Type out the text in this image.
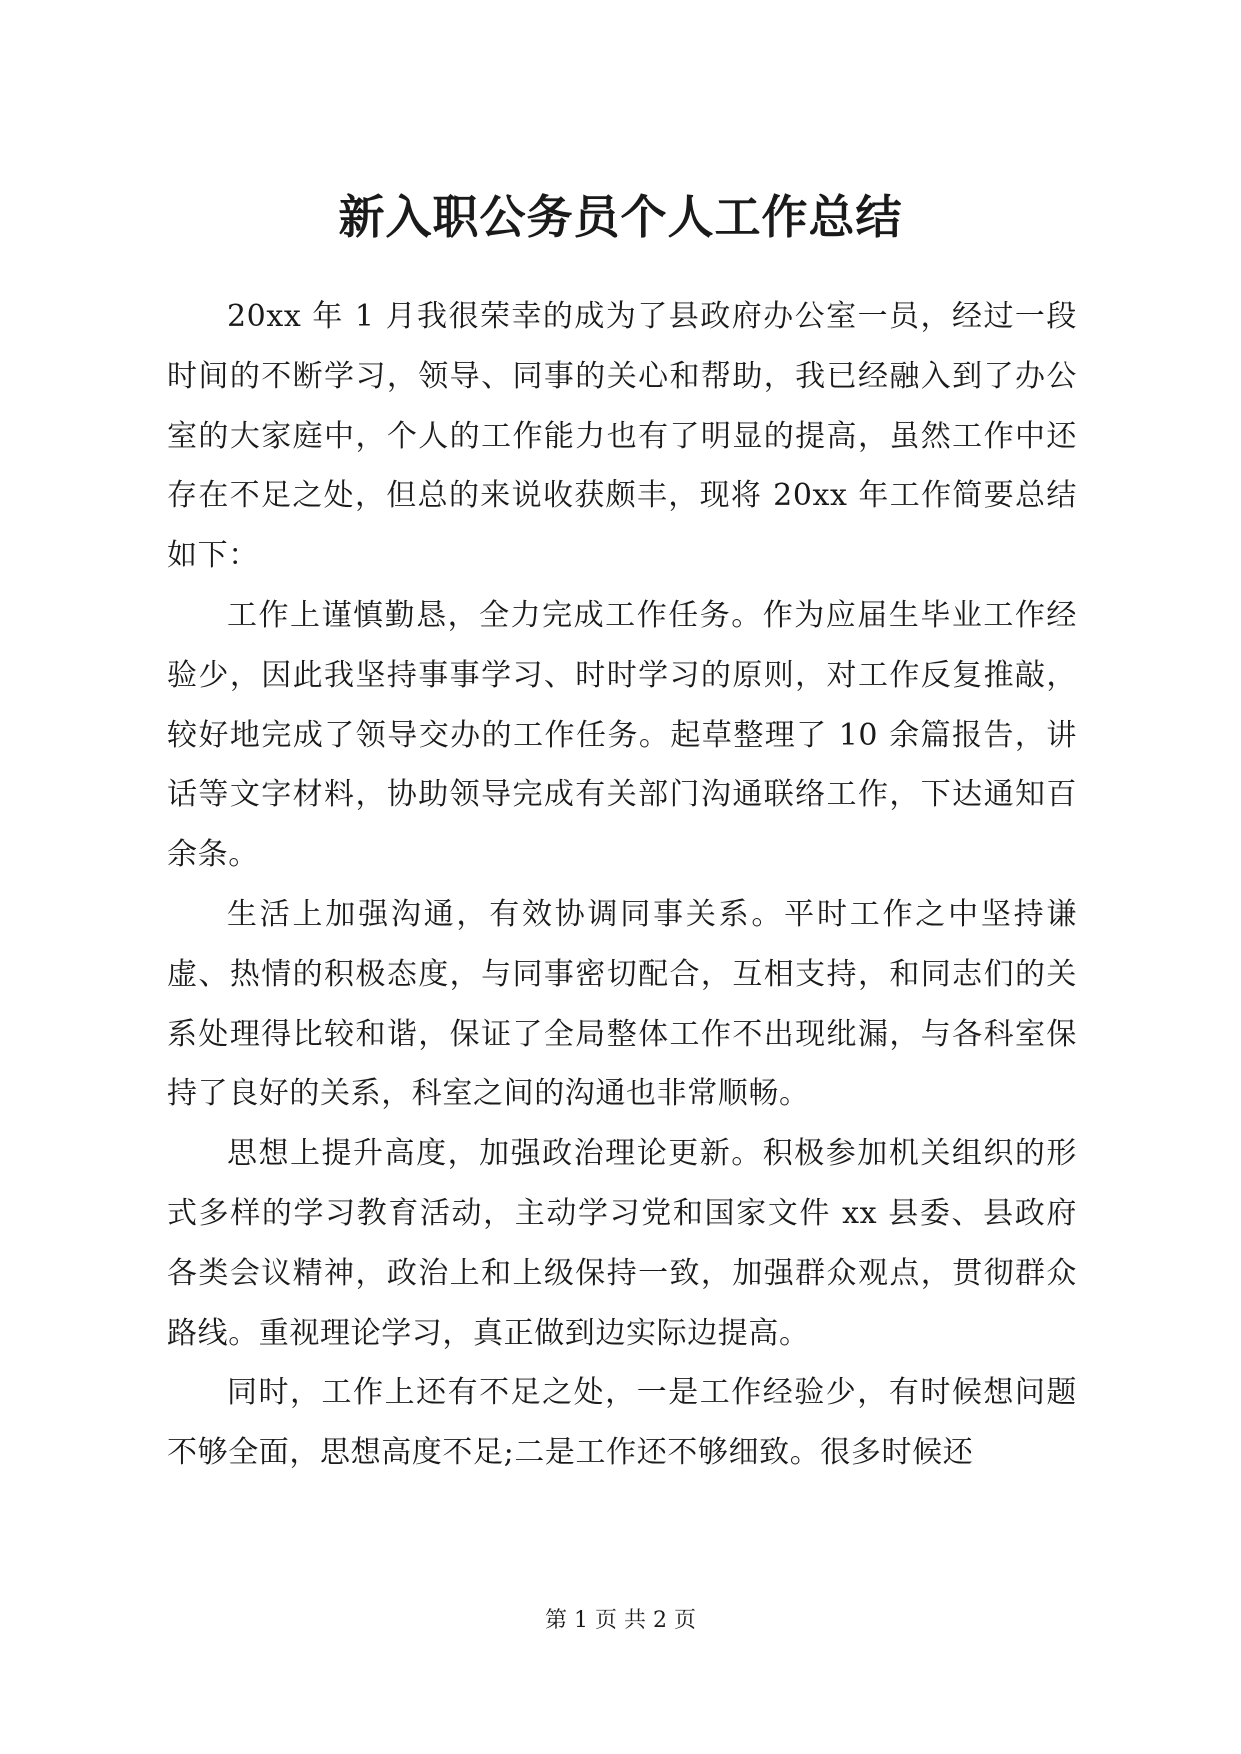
新入职公务员个人工作总结

20xx 年 1 月我很荣幸的成为了县政府办公室一员，经过一段时间的不断学习，领导、同事的关心和帮助，我已经融入到了办公室的大家庭中，个人的工作能力也有了明显的提高，虽然工作中还存在不足之处，但总的来说收获颇丰，现将 20xx 年工作简要总结如下：

工作上谨慎勤恳，全力完成工作任务。作为应届生毕业工作经验少，因此我坚持事事学习、时时学习的原则，对工作反复推敲，较好地完成了领导交办的工作任务。起草整理了 10 余篇报告，讲话等文字材料，协助领导完成有关部门沟通联络工作，下达通知百余条。

生活上加强沟通，有效协调同事关系。平时工作之中坚持谦虚、热情的积极态度，与同事密切配合，互相支持，和同志们的关系处理得比较和谐，保证了全局整体工作不出现纰漏，与各科室保持了良好的关系，科室之间的沟通也非常顺畅。

思想上提升高度，加强政治理论更新。积极参加机关组织的形式多样的学习教育活动，主动学习党和国家文件 xx 县委、县政府各类会议精神，政治上和上级保持一致，加强群众观点，贯彻群众路线。重视理论学习，真正做到边实际边提高。

同时，工作上还有不足之处，一是工作经验少，有时候想问题不够全面，思想高度不足;二是工作还不够细致。很多时候还

第 1 页 共 2 页
